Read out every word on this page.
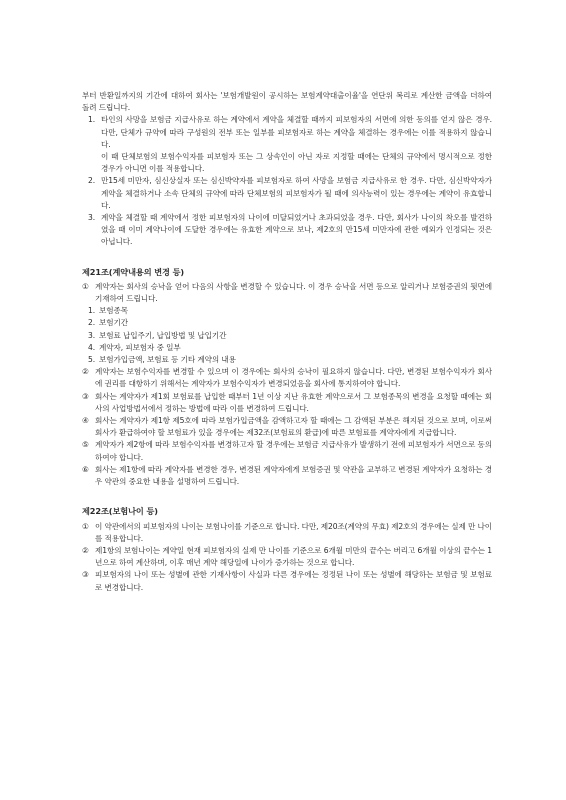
부터 반환일까지의 기간에 대하여 회사는 '보험개발원이 공시하는 보험계약대출이율'을 연단위 복리로 계산한 금액을 더하여 돌려 드립니다.

1. 타인의 사망을 보험금 지급사유로 하는 계약에서 계약을 체결할 때까지 피보험자의 서면에 의한 동의를 얻지 않은 경우. 다만, 단체가 규약에 따라 구성원의 전부 또는 일부를 피보험자로 하는 계약을 체결하는 경우에는 이를 적용하지 않습니다.

이 때 단체보험의 보험수익자를 피보험자 또는 그 상속인이 아닌 자로 지정할 때에는 단체의 규약에서 명시적으로 정한 경우가 아니면 이를 적용합니다.

2. 만15세 미만자, 심신상실자 또는 심신박약자를 피보험자로 하여 사망을 보험금 지급사유로 한 경우. 다만, 심신박약자가 계약을 체결하거나 소속 단체의 규약에 따라 단체보험의 피보험자가 될 때에 의사능력이 있는 경우에는 계약이 유효합니다.
3. 계약을 체결할 때 계약에서 정한 피보험자의 나이에 미달되었거나 초과되었을 경우. 다만, 회사가 나이의 착오를 발견하였을 때 이미 계약나이에 도달한 경우에는 유효한 계약으로 보나, 제2호의 만15세 미만자에 관한 예외가 인정되는 것은 아닙니다.

제21조(계약내용의 변경 등)

① 계약자는 회사의 승낙을 얻어 다음의 사항을 변경할 수 있습니다. 이 경우 승낙을 서면 등으로 알리거나 보험증권의 뒷면에 기재하여 드립니다.
1. 보험종목
2. 보험기간
3. 보험료 납입주기, 납입방법 및 납입기간
4. 계약자, 피보험자 중 일부
5. 보험가입금액, 보험료 등 기타 계약의 내용
② 계약자는 보험수익자를 변경할 수 있으며 이 경우에는 회사의 승낙이 필요하지 않습니다. 다만, 변경된 보험수익자가 회사에 권리를 대항하기 위해서는 계약자가 보험수익자가 변경되었음을 회사에 통지하여야 합니다.
③ 회사는 계약자가 제1회 보험료를 납입한 때부터 1년 이상 지난 유효한 계약으로서 그 보험종목의 변경을 요청할 때에는 회사의 사업방법서에서 정하는 방법에 따라 이를 변경하여 드립니다.
④ 회사는 계약자가 제1항 제5호에 따라 보험가입금액을 감액하고자 할 때에는 그 감액된 부분은 해지된 것으로 보며, 이로써 회사가 환급하여야 할 보험료가 있을 경우에는 제32조(보험료의 환급)에 따른 보험료를 계약자에게 지급합니다.
⑤ 계약자가 제2항에 따라 보험수익자를 변경하고자 할 경우에는 보험금 지급사유가 발생하기 전에 피보험자가 서면으로 동의하여야 합니다.
⑥ 회사는 제1항에 따라 계약자를 변경한 경우, 변경된 계약자에게 보험증권 및 약관을 교부하고 변경된 계약자가 요청하는 경우 약관의 중요한 내용을 설명하여 드립니다.

제22조(보험나이 등)

① 이 약관에서의 피보험자의 나이는 보험나이를 기준으로 합니다. 다만, 제20조(계약의 무효) 제2호의 경우에는 실제 만 나이를 적용합니다.
② 제1항의 보험나이는 계약일 현재 피보험자의 실제 만 나이를 기준으로 6개월 미만의 끝수는 버리고 6개월 이상의 끝수는 1년으로 하여 계산하며, 이후 매년 계약 해당일에 나이가 증가하는 것으로 합니다.
③ 피보험자의 나이 또는 성별에 관한 기재사항이 사실과 다른 경우에는 정정된 나이 또는 성별에 해당하는 보험금 및 보험료로 변경합니다.
